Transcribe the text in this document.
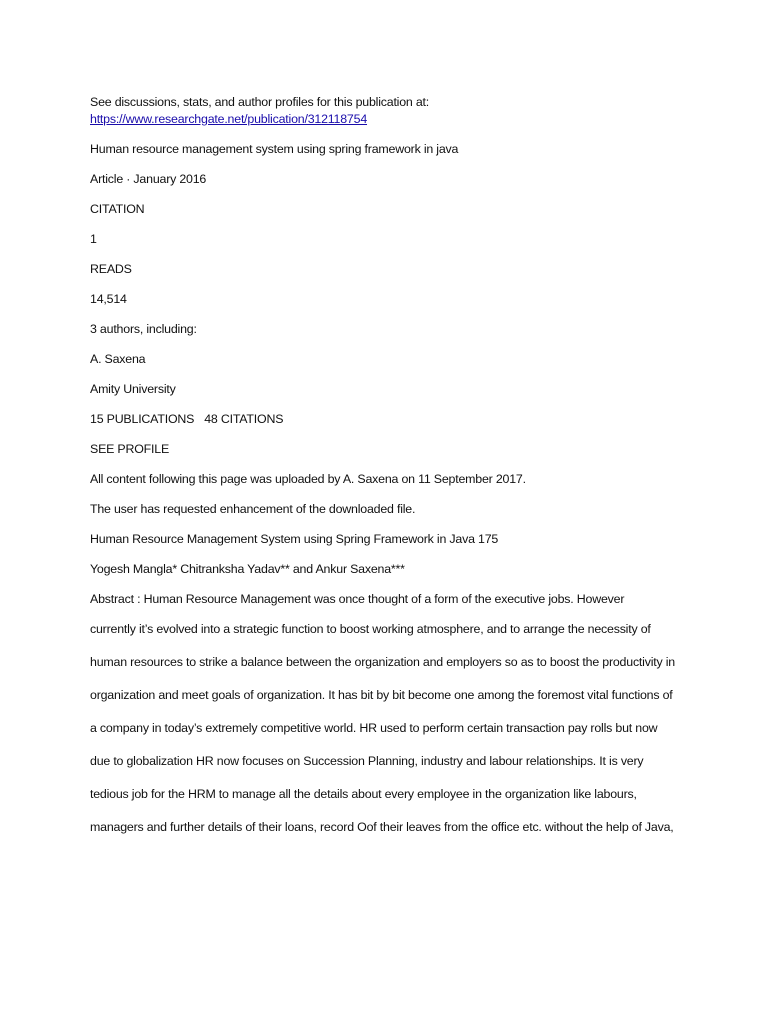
See discussions, stats, and author profiles for this publication at:
https://www.researchgate.net/publication/312118754
Human resource management system using spring framework in java
Article · January 2016
CITATION
1
READS
14,514
3 authors, including:
A. Saxena
Amity University
15 PUBLICATIONS 48 CITATIONS
SEE PROFILE
All content following this page was uploaded by A. Saxena on 11 September 2017.
The user has requested enhancement of the downloaded file.
Human Resource Management System using Spring Framework in Java 175
Yogesh Mangla* Chitranksha Yadav** and Ankur Saxena***
Abstract : Human Resource Management was once thought of a form of the executive jobs. However
currently it’s evolved into a strategic function to boost working atmosphere, and to arrange the necessity of
human resources to strike a balance between the organization and employers so as to boost the productivity in
organization and meet goals of organization. It has bit by bit become one among the foremost vital functions of
a company in today’s extremely competitive world. HR used to perform certain transaction pay rolls but now
due to globalization HR now focuses on Succession Planning, industry and labour relationships. It is very
tedious job for the HRM to manage all the details about every employee in the organization like labours,
managers and further details of their loans, record Oof their leaves from the office etc. without the help of Java,
